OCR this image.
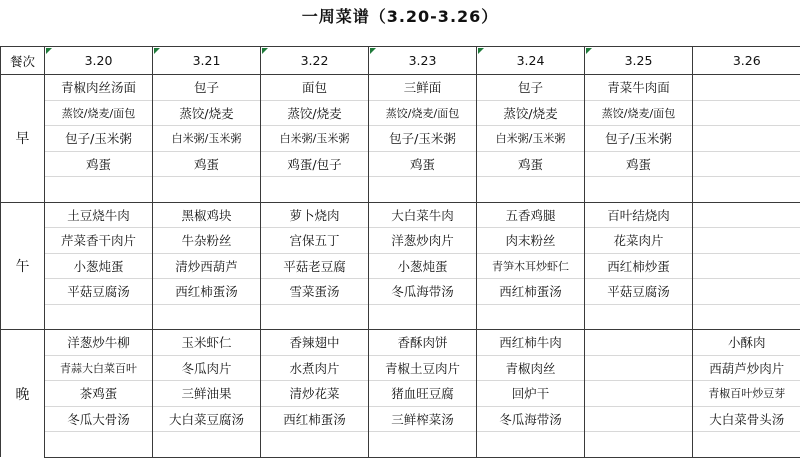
一周菜谱（3.20-3.26）
餐次	3.20	3.21	3.22	3.23	3.24	3.25	3.26
早	青椒肉丝汤面	包子	面包	三鲜面	包子	青菜牛肉面	
	蒸饺/烧麦/面包	蒸饺/烧麦	蒸饺/烧麦	蒸饺/烧麦/面包	蒸饺/烧麦	蒸饺/烧麦/面包	
	包子/玉米粥	白米粥/玉米粥	白米粥/玉米粥	包子/玉米粥	白米粥/玉米粥	包子/玉米粥	
	鸡蛋	鸡蛋	鸡蛋/包子	鸡蛋	鸡蛋	鸡蛋	

午	土豆烧牛肉	黑椒鸡块	萝卜烧肉	大白菜牛肉	五香鸡腿	百叶结烧肉	
	芹菜香干肉片	牛杂粉丝	宫保五丁	洋葱炒肉片	肉末粉丝	花菜肉片	
	小葱炖蛋	清炒西葫芦	平菇老豆腐	小葱炖蛋	青笋木耳炒虾仁	西红柿炒蛋	
	平菇豆腐汤	西红柿蛋汤	雪菜蛋汤	冬瓜海带汤	西红柿蛋汤	平菇豆腐汤	

晚	洋葱炒牛柳	玉米虾仁	香辣翅中	香酥肉饼	西红柿牛肉		小酥肉
	青蒜大白菜百叶	冬瓜肉片	水煮肉片	青椒土豆肉片	青椒肉丝		西葫芦炒肉片
	茶鸡蛋	三鲜油果	清炒花菜	猪血旺豆腐	回炉干		青椒百叶炒豆芽
	冬瓜大骨汤	大白菜豆腐汤	西红柿蛋汤	三鲜榨菜汤	冬瓜海带汤		大白菜骨头汤
